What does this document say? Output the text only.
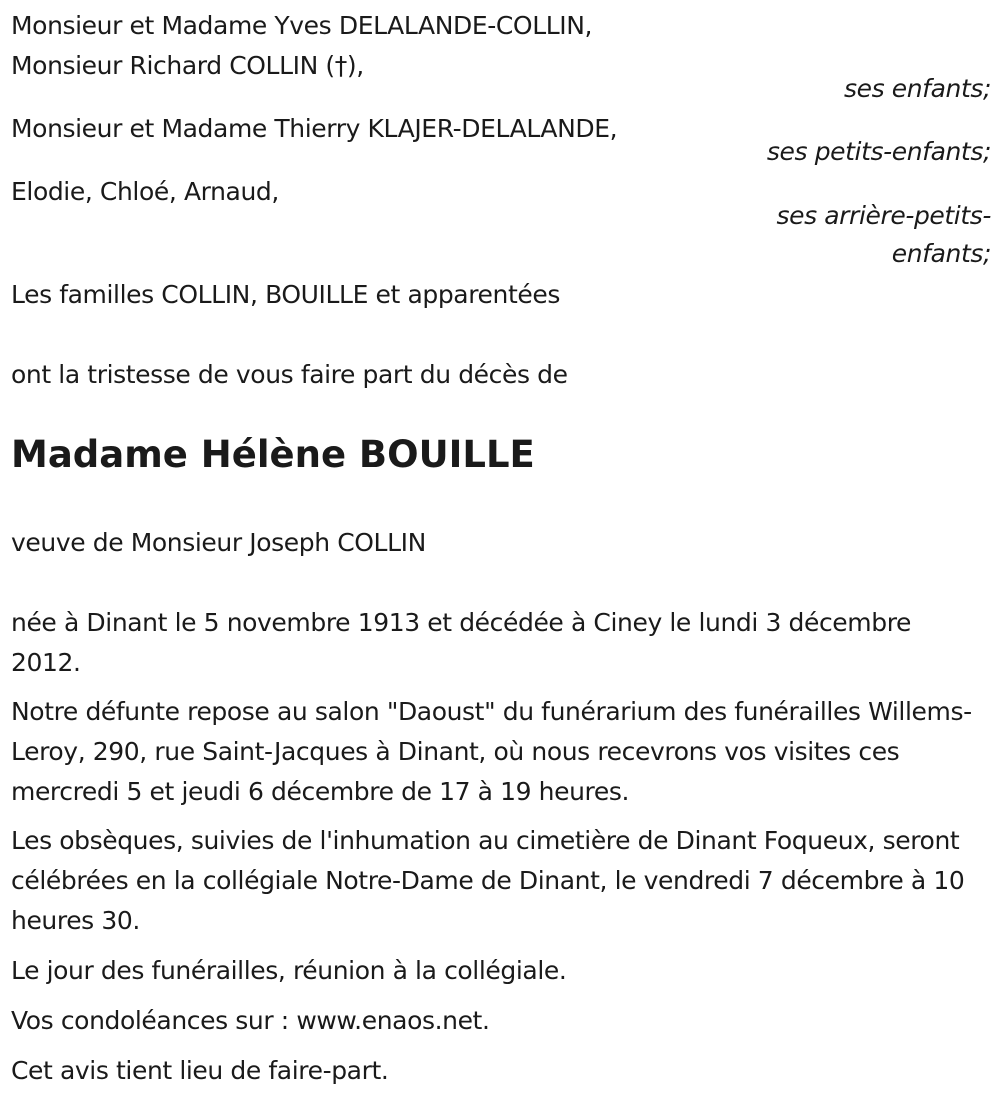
Monsieur et Madame Yves DELALANDE-COLLIN,
Monsieur Richard COLLIN (†),
ses enfants;
Monsieur et Madame Thierry KLAJER-DELALANDE,
ses petits-enfants;
Elodie, Chloé, Arnaud,
ses arrière-petits-
enfants;
Les familles COLLIN, BOUILLE et apparentées
ont la tristesse de vous faire part du décès de
Madame Hélène BOUILLE
veuve de Monsieur Joseph COLLIN
née à Dinant le 5 novembre 1913 et décédée à Ciney le lundi 3 décembre 2012.
Notre défunte repose au salon "Daoust" du funérarium des funérailles Willems-Leroy, 290, rue Saint-Jacques à Dinant, où nous recevrons vos visites ces mercredi 5 et jeudi 6 décembre de 17 à 19 heures.
Les obsèques, suivies de l'inhumation au cimetière de Dinant Foqueux, seront célébrées en la collégiale Notre-Dame de Dinant, le vendredi 7 décembre à 10 heures 30.
Le jour des funérailles, réunion à la collégiale.
Vos condoléances sur : www.enaos.net.
Cet avis tient lieu de faire-part.
